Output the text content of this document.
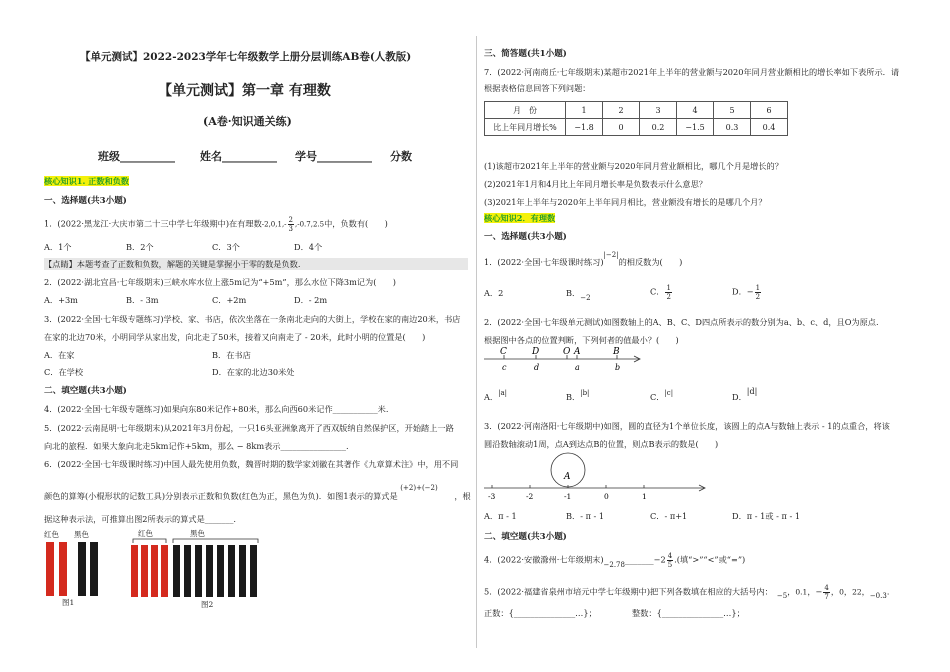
【单元测试】2022-2023学年七年级数学上册分层训练AB卷(人教版)
【单元测试】第一章 有理数
(A卷·知识通关练)
班级__________ 姓名__________ 学号__________ 分数
核心知识1. 正数和负数
一、选择题(共3小题)
1．(2022·黑龙江·大庆市第二十三中学七年级期中)在有理数$-2,0,1,- \frac{2}{3} ,-0.7,2.5$中，负数有(　　)
A．1个	B．2个	C．3个	D．4个
【点睛】本题考查了正数和负数，解题的关键是掌握小于零的数是负数.
2．(2022·湖北宜昌·七年级期末)三峡水库水位上涨5m记为“+5m”，那么水位下降3m记为(　　)
A．+3m	B．- 3m	C．+2m	D．- 2m
3．(2022·全国·七年级专题练习)学校、家、书店，依次坐落在一条南北走向的大街上，学校在家的南边20米，书店
在家的北边70米，小明同学从家出发，向北走了50米，接着又向南走了 - 20米，此时小明的位置是(　　)
A．在家	B．在书店
C．在学校	D．在家的北边30米处
二、填空题(共3小题)
4．(2022·全国·七年级专题练习)如果向东80米记作+80米，那么向西60米记作___________米.
5．(2022·云南昆明·七年级期末)从2021年3月份起，一只16头亚洲象离开了西双版纳自然保护区，开始踏上一路
向北的旅程．如果大象向北走5km记作+5km，那么 − 8km表示________________.
6．(2022·全国·七年级课时练习)中国人最先使用负数，魏晋时期的数学家刘徽在其著作《九章算术注》中，用不同
颜色的算筹(小棍形状的记数工具)分别表示正数和负数(红色为正，黑色为负)．如图1表示的算式是 (+2)+(−2) ，根
据这种表示法，可推算出图2所表示的算式是_______.
红色 黑色
图1
红色	黑色
图2
三、简答题(共1小题)
7．(2022·河南商丘·七年级期末)某超市2021年上半年的营业额与2020年同月营业额相比的增长率如下表所示．请
根据表格信息回答下列问题：
月　份	1	2	3	4	5	6
比上年同月增长%	−1.8	0	0.2	−1.5	0.3	0.4
(1)该超市2021年上半年的营业额与2020年同月营业额相比，哪几个月是增长的？
(2)2021年1月和4月比上年同月增长率是负数表示什么意思？
(3)2021年上半年与2020年上半年同月相比，营业额没有增长的是哪几个月？
核心知识2．有理数
一、选择题(共3小题)
1．(2022·全国·七年级课时练习)|−2|的相反数为(　　)
A．2	B．−2
C． $\frac{1}{2}$	D．− $\frac{1}{2}$
2．(2022·全国·七年级单元测试)如图数轴上的A、B、C、D四点所表示的数分别为a、b、c、d，且O为原点.
根据图中各点的位置判断，下列何者的值最小？(　　)
C	D	O A	B
c	d	a	b
A．|a|	B．|b|	C．|c|	D．|d|
3．(2022·河南洛阳·七年级期中)如图，圆的直径为1个单位长度，该圆上的点A与数轴上表示 - 1的点重合，将该
圆沿数轴滚动1周，点A到达点B的位置，则点B表示的数是(　　)
A
-3	-2	-1	0	1
A．π - 1	B．- π - 1	C．- π+1	D．π - 1或 - π - 1
二、填空题(共3小题)
4．(2022·安徽滁州·七年级期末)−2.78_______−2 $\frac{4}{5}$ .(填“>”“<”或“=”)
5．(2022·福建省泉州市培元中学七年级期中)把下列各数填在相应的大括号内： −5，0.1，− $\frac{4}{7}$ ，0，22，−0.3．
正数：{_______________…}；	整数：{_______________…}；
